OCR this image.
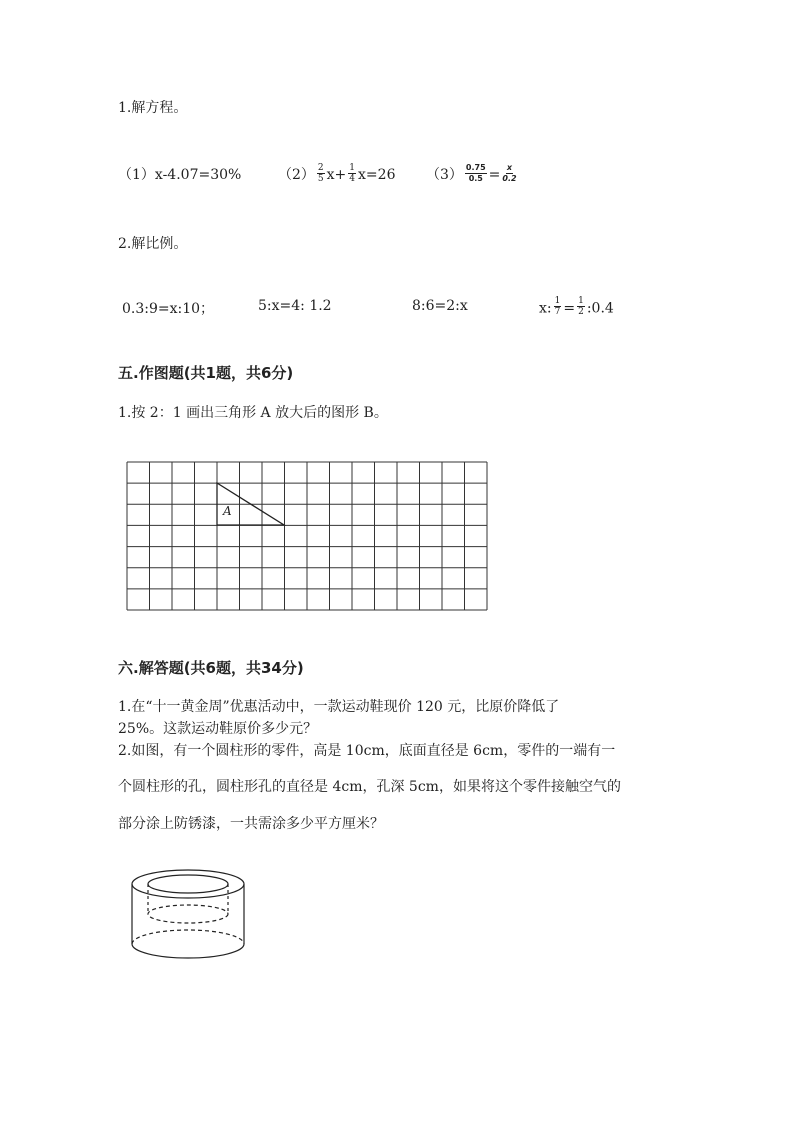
1.解方程。
（1）x-4.07=30%	$(2) \frac{2}{5} x+ \frac{1}{4} x=26$ $(3) \frac{0.75}{0.5} = \frac{x}{0.2}$
2.解比例。
0.3:9=x:10；	5:x=4: 1.2	8:6=2:x	x: $\frac{1}{7} = \frac{1}{2}$ :0.4
五.作图题(共1题，共6分)
1.按 2：1 画出三角形 A 放大后的图形 B。
A
六.解答题(共6题，共34分)
1.在“十一黄金周”优惠活动中，一款运动鞋现价 120 元，比原价降低了
25%。这款运动鞋原价多少元？
2.如图，有一个圆柱形的零件，高是 10cm，底面直径是 6cm，零件的一端有一
个圆柱形的孔，圆柱形孔的直径是 4cm，孔深 5cm，如果将这个零件接触空气的
部分涂上防锈漆，一共需涂多少平方厘米？
